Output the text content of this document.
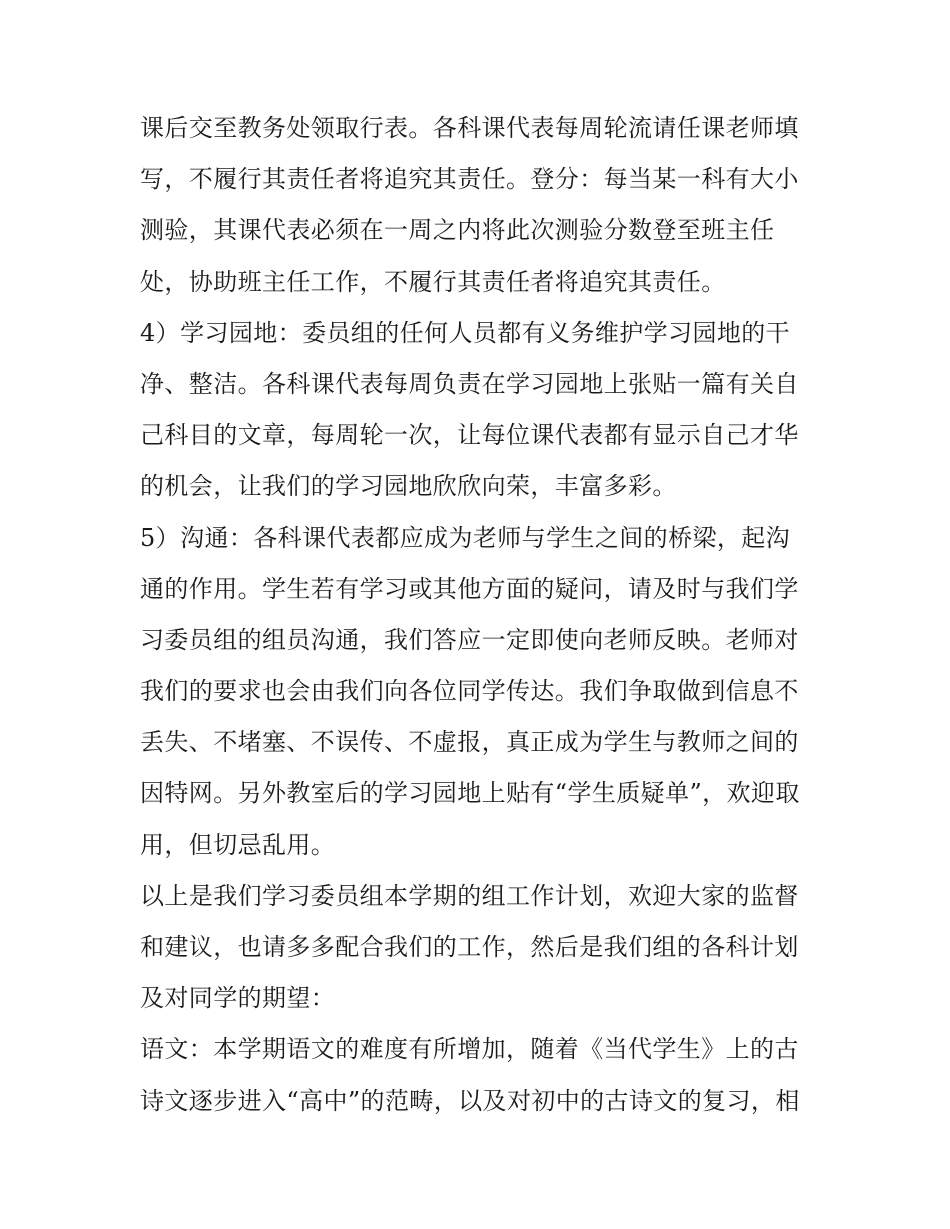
课后交至教务处领取行表。各科课代表每周轮流请任课老师填
写，不履行其责任者将追究其责任。登分：每当某一科有大小
测验，其课代表必须在一周之内将此次测验分数登至班主任
处，协助班主任工作，不履行其责任者将追究其责任。
4）学习园地：委员组的任何人员都有义务维护学习园地的干
净、整洁。各科课代表每周负责在学习园地上张贴一篇有关自
己科目的文章，每周轮一次，让每位课代表都有显示自己才华
的机会，让我们的学习园地欣欣向荣，丰富多彩。
5）沟通：各科课代表都应成为老师与学生之间的桥梁，起沟
通的作用。学生若有学习或其他方面的疑问，请及时与我们学
习委员组的组员沟通，我们答应一定即使向老师反映。老师对
我们的要求也会由我们向各位同学传达。我们争取做到信息不
丢失、不堵塞、不误传、不虚报，真正成为学生与教师之间的
因特网。另外教室后的学习园地上贴有“学生质疑单”，欢迎取
用，但切忌乱用。
以上是我们学习委员组本学期的组工作计划，欢迎大家的监督
和建议，也请多多配合我们的工作，然后是我们组的各科计划
及对同学的期望：
语文：本学期语文的难度有所增加，随着《当代学生》上的古
诗文逐步进入“高中”的范畴，以及对初中的古诗文的复习，相
